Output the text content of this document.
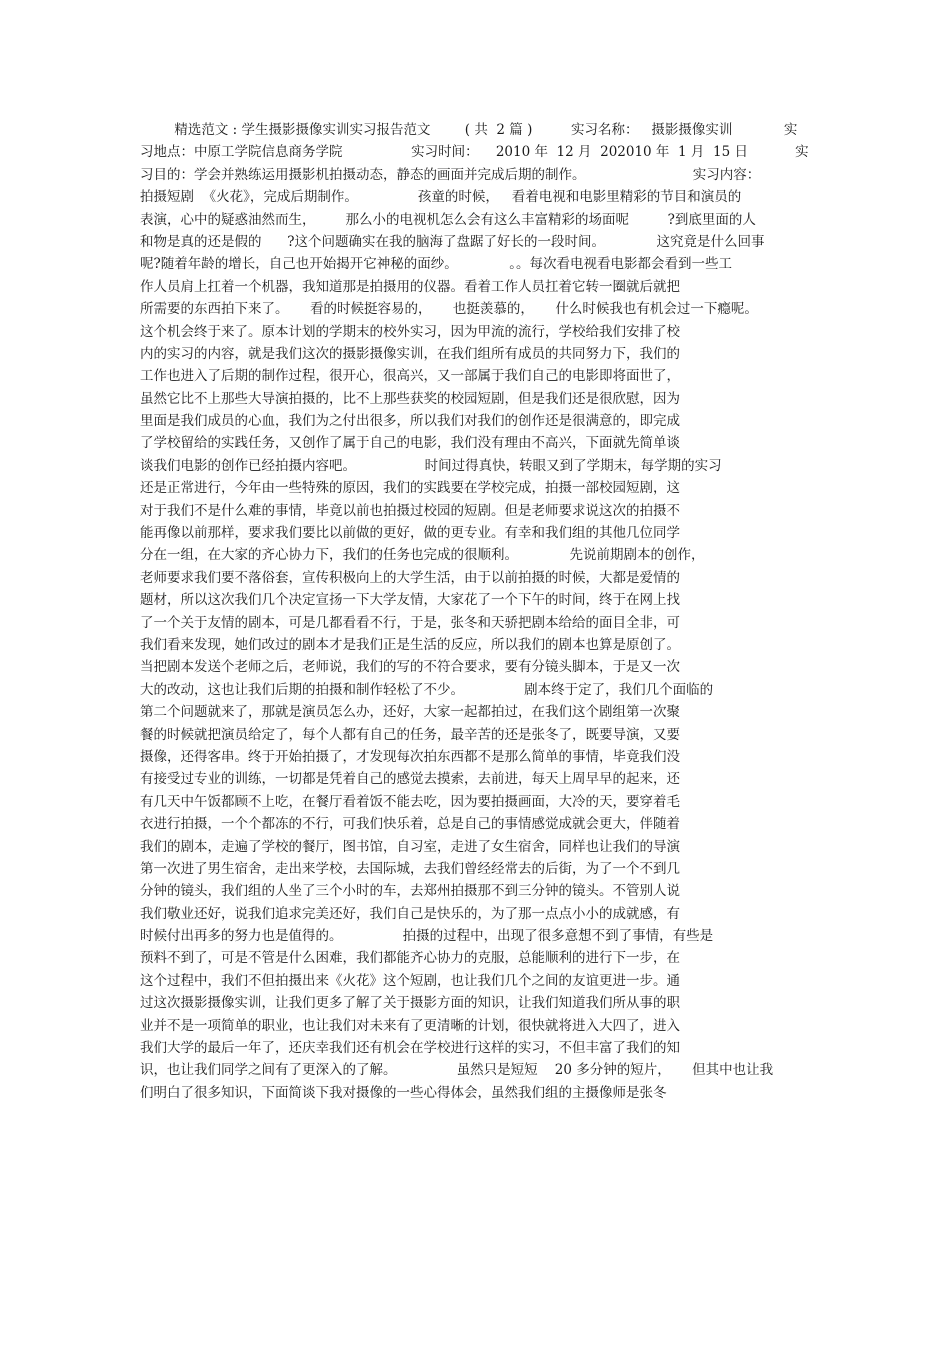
精选范文 : 学生摄影摄像实训实习报告范文        ( 共  2 篇 )         实习名称：   摄影摄像实训            实
习地点：中原工学院信息商务学院                实习时间：    2010 年  12 月  202010 年  1 月  15 日           实
习目的：学会并熟练运用摄影机拍摄动态，静态的画面并完成后期的制作。                         实习内容：
拍摄短剧  《火花》，完成后期制作。              孩童的时候，   看着电视和电影里精彩的节目和演员的
表演，心中的疑惑油然而生，       那么小的电视机怎么会有这么丰富精彩的场面呢         ?到底里面的人
和物是真的还是假的      ?这个问题确实在我的脑海了盘踞了好长的一段时间。            这究竟是什么回事
呢?随着年龄的增长，自己也开始揭开它神秘的面纱。            。。每次看电视看电影都会看到一些工
作人员肩上扛着一个机器，我知道那是拍摄用的仪器。看着工作人员扛着它转一圈就后就把
所需要的东西拍下来了。     看的时候挺容易的，     也挺羡慕的，     什么时候我也有机会过一下瘾呢。
这个机会终于来了。原本计划的学期末的校外实习，因为甲流的流行，学校给我们安排了校
内的实习的内容，就是我们这次的摄影摄像实训，在我们组所有成员的共同努力下，我们的
工作也进入了后期的制作过程，很开心，很高兴，又一部属于我们自己的电影即将面世了，
虽然它比不上那些大导演拍摄的，比不上那些获奖的校园短剧，但是我们还是很欣慰，因为
里面是我们成员的心血，我们为之付出很多，所以我们对我们的创作还是很满意的，即完成
了学校留给的实践任务，又创作了属于自己的电影，我们没有理由不高兴，下面就先简单谈
谈我们电影的创作已经拍摄内容吧。                时间过得真快，转眼又到了学期末，每学期的实习
还是正常进行，今年由一些特殊的原因，我们的实践要在学校完成，拍摄一部校园短剧，这
对于我们不是什么难的事情，毕竟以前也拍摄过校园的短剧。但是老师要求说这次的拍摄不
能再像以前那样，要求我们要比以前做的更好，做的更专业。有幸和我们组的其他几位同学
分在一组，在大家的齐心协力下，我们的任务也完成的很顺利。            先说前期剧本的创作，
老师要求我们要不落俗套，宣传积极向上的大学生活，由于以前拍摄的时候，大都是爱情的
题材，所以这次我们几个决定宣扬一下大学友情，大家花了一个下午的时间，终于在网上找
了一个关于友情的剧本，可是几都看看不行，于是，张冬和天骄把剧本给给的面目全非，可
我们看来发现，她们改过的剧本才是我们正是生活的反应，所以我们的剧本也算是原创了。
当把剧本发送个老师之后，老师说，我们的写的不符合要求，要有分镜头脚本，于是又一次
大的改动，这也让我们后期的拍摄和制作轻松了不少。              剧本终于定了，我们几个面临的
第二个问题就来了，那就是演员怎么办，还好，大家一起都拍过，在我们这个剧组第一次聚
餐的时候就把演员给定了，每个人都有自己的任务，最辛苦的还是张冬了，既要导演，又要
摄像，还得客串。终于开始拍摄了，才发现每次拍东西都不是那么简单的事情，毕竟我们没
有接受过专业的训练，一切都是凭着自己的感觉去摸索，去前进，每天上周早早的起来，还
有几天中午饭都顾不上吃，在餐厅看着饭不能去吃，因为要拍摄画面，大冷的天，要穿着毛
衣进行拍摄，一个个都冻的不行，可我们快乐着，总是自己的事情感觉成就会更大，伴随着
我们的剧本，走遍了学校的餐厅，图书馆，自习室，走进了女生宿舍，同样也让我们的导演
第一次进了男生宿舍，走出来学校，去国际城，去我们曾经经常去的后街，为了一个不到几
分钟的镜头，我们组的人坐了三个小时的车，去郑州拍摄那不到三分钟的镜头。不管别人说
我们敬业还好，说我们追求完美还好，我们自己是快乐的，为了那一点点小小的成就感，有
时候付出再多的努力也是值得的。              拍摄的过程中，出现了很多意想不到了事情，有些是
预料不到了，可是不管是什么困难，我们都能齐心协力的克服，总能顺利的进行下一步，在
这个过程中，我们不但拍摄出来《火花》这个短剧，也让我们几个之间的友谊更进一步。通
过这次摄影摄像实训，让我们更多了解了关于摄影方面的知识，让我们知道我们所从事的职
业并不是一项简单的职业，也让我们对未来有了更清晰的计划，很快就将进入大四了，进入
我们大学的最后一年了，还庆幸我们还有机会在学校进行这样的实习，不但丰富了我们的知
识，也让我们同学之间有了更深入的了解。              虽然只是短短    20 多分钟的短片，     但其中也让我
们明白了很多知识，下面简谈下我对摄像的一些心得体会，虽然我们组的主摄像师是张冬
